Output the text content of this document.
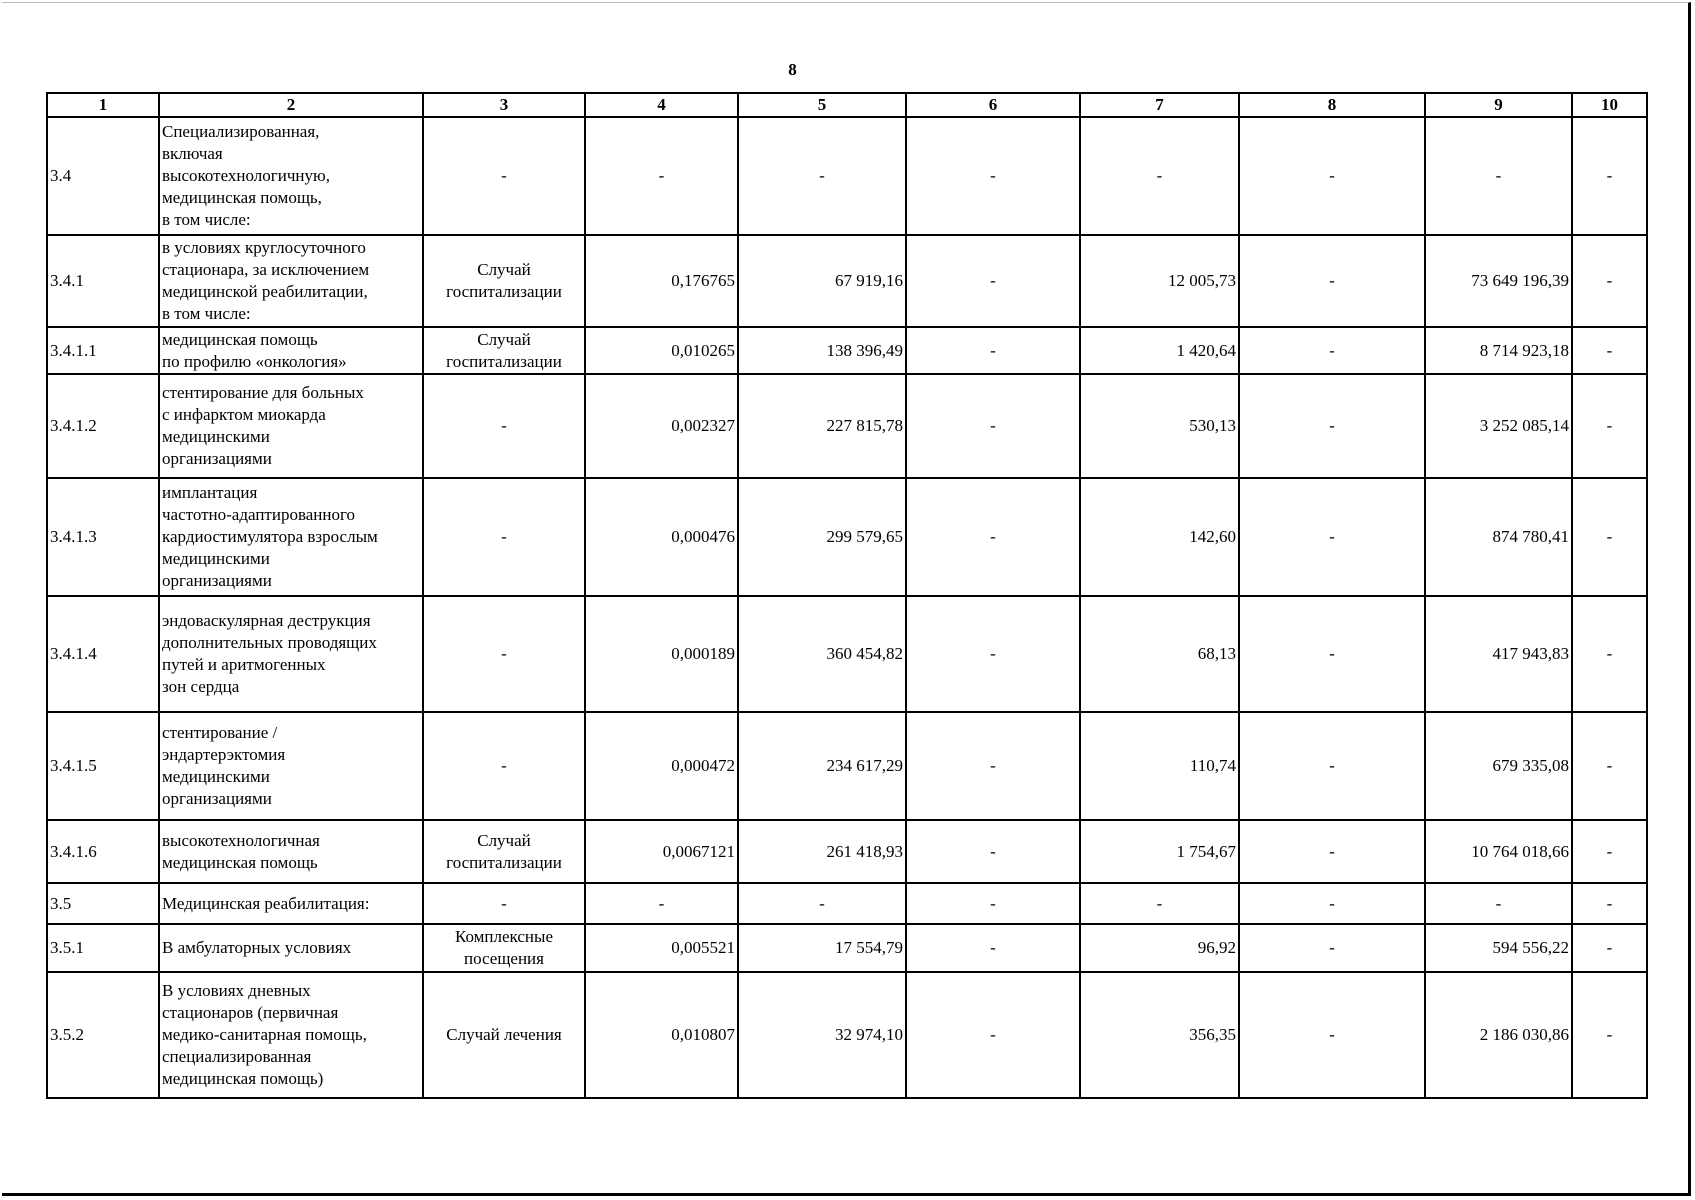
8
1	2	3	4	5	6	7	8	9	10
3.4	Специализированная,
включая
высокотехнологичную,
медицинская помощь,
в том числе:	-	-	-	-	-	-	-	-
3.4.1	в условиях круглосуточного
стационара, за исключением
медицинской реабилитации,
в том числе:	Случай
госпитализации	0,176765	67 919,16	-	12 005,73	-	73 649 196,39	-
3.4.1.1	медицинская помощь
по профилю «онкология»	Случай
госпитализации	0,010265	138 396,49	-	1 420,64	-	8 714 923,18	-
3.4.1.2	стентирование для больных
с инфарктом миокарда
медицинскими
организациями	-	0,002327	227 815,78	-	530,13	-	3 252 085,14	-
3.4.1.3	имплантация
частотно-адаптированного
кардиостимулятора взрослым
медицинскими
организациями	-	0,000476	299 579,65	-	142,60	-	874 780,41	-
3.4.1.4	эндоваскулярная деструкция
дополнительных проводящих
путей и аритмогенных
зон сердца	-	0,000189	360 454,82	-	68,13	-	417 943,83	-
3.4.1.5	стентирование /
эндартерэктомия
медицинскими
организациями	-	0,000472	234 617,29	-	110,74	-	679 335,08	-
3.4.1.6	высокотехнологичная
медицинская помощь	Случай
госпитализации	0,0067121	261 418,93	-	1 754,67	-	10 764 018,66	-
3.5	Медицинская реабилитация:	-	-	-	-	-	-	-	-
3.5.1	В амбулаторных условиях	Комплексные
посещения	0,005521	17 554,79	-	96,92	-	594 556,22	-
3.5.2	В условиях дневных
стационаров (первичная
медико-санитарная помощь,
специализированная
медицинская помощь)	Случай лечения	0,010807	32 974,10	-	356,35	-	2 186 030,86	-
